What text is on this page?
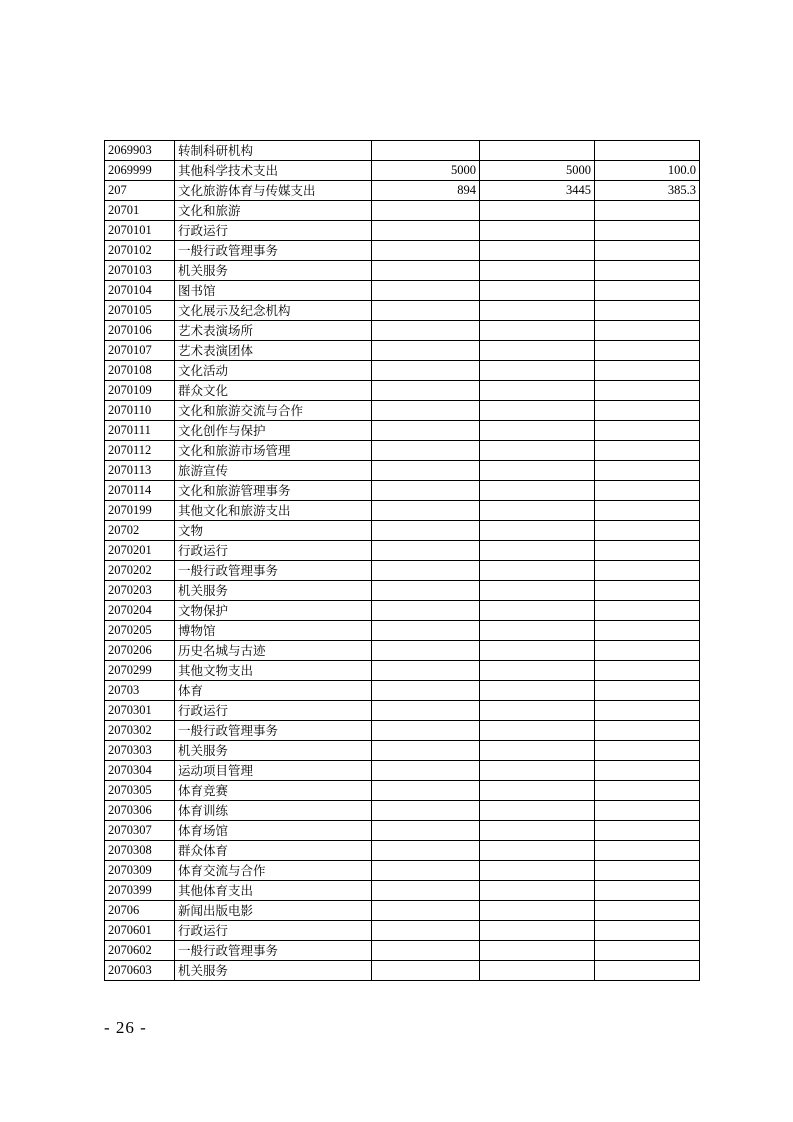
2069903	转制科研机构			
2069999	其他科学技术支出	5000	5000	100.0
207	文化旅游体育与传媒支出	894	3445	385.3
20701	文化和旅游			
2070101	行政运行			
2070102	一般行政管理事务			
2070103	机关服务			
2070104	图书馆			
2070105	文化展示及纪念机构			
2070106	艺术表演场所			
2070107	艺术表演团体			
2070108	文化活动			
2070109	群众文化			
2070110	文化和旅游交流与合作			
2070111	文化创作与保护			
2070112	文化和旅游市场管理			
2070113	旅游宣传			
2070114	文化和旅游管理事务			
2070199	其他文化和旅游支出			
20702	文物			
2070201	行政运行			
2070202	一般行政管理事务			
2070203	机关服务			
2070204	文物保护			
2070205	博物馆			
2070206	历史名城与古迹			
2070299	其他文物支出			
20703	体育			
2070301	行政运行			
2070302	一般行政管理事务			
2070303	机关服务			
2070304	运动项目管理			
2070305	体育竞赛			
2070306	体育训练			
2070307	体育场馆			
2070308	群众体育			
2070309	体育交流与合作			
2070399	其他体育支出			
20706	新闻出版电影			
2070601	行政运行			
2070602	一般行政管理事务			
2070603	机关服务			
- 26 -
